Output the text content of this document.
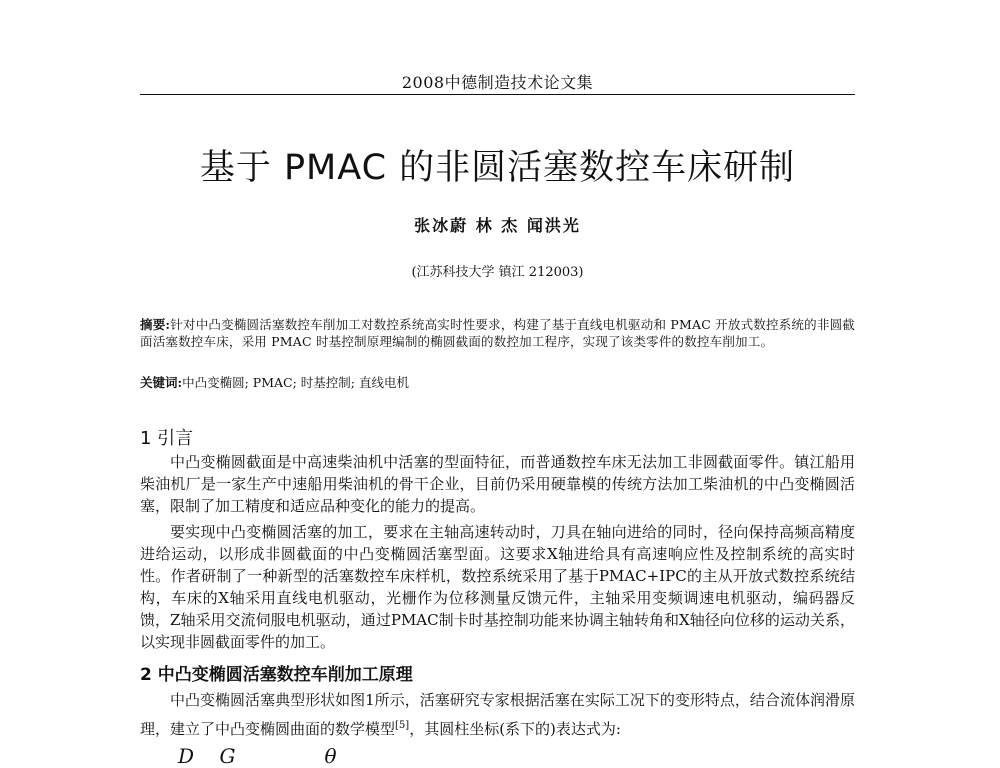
2008中德制造技术论文集
基于 PMAC 的非圆活塞数控车床研制
张冰蔚 林 杰 闻洪光
(江苏科技大学 镇江 212003)
摘要:针对中凸变椭圆活塞数控车削加工对数控系统高实时性要求，构建了基于直线电机驱动和 PMAC 开放式数控系统的非圆截面活塞数控车床，采用 PMAC 时基控制原理编制的椭圆截面的数控加工程序，实现了该类零件的数控车削加工。
关键词:中凸变椭圆; PMAC; 时基控制; 直线电机
1 引言
中凸变椭圆截面是中高速柴油机中活塞的型面特征，而普通数控车床无法加工非圆截面零件。镇江船用柴油机厂是一家生产中速船用柴油机的骨干企业，目前仍采用硬靠模的传统方法加工柴油机的中凸变椭圆活塞，限制了加工精度和适应品种变化的能力的提高。
要实现中凸变椭圆活塞的加工，要求在主轴高速转动时，刀具在轴向进给的同时，径向保持高频高精度进给运动，以形成非圆截面的中凸变椭圆活塞型面。这要求X轴进给具有高速响应性及控制系统的高实时性。作者研制了一种新型的活塞数控车床样机，数控系统采用了基于PMAC+IPC的主从开放式数控系统结构，车床的X轴采用直线电机驱动，光栅作为位移测量反馈元件，主轴采用变频调速电机驱动，编码器反馈，Z轴采用交流伺服电机驱动，通过PMAC制卡时基控制功能来协调主轴转角和X轴径向位移的运动关系，以实现非圆截面零件的加工。
2 中凸变椭圆活塞数控车削加工原理
中凸变椭圆活塞典型形状如图1所示，活塞研究专家根据活塞在实际工况下的变形特点，结合流体润滑原理，建立了中凸变椭圆曲面的数学模型[5]，其圆柱坐标(系下的)表达式为:
D    G              θ
